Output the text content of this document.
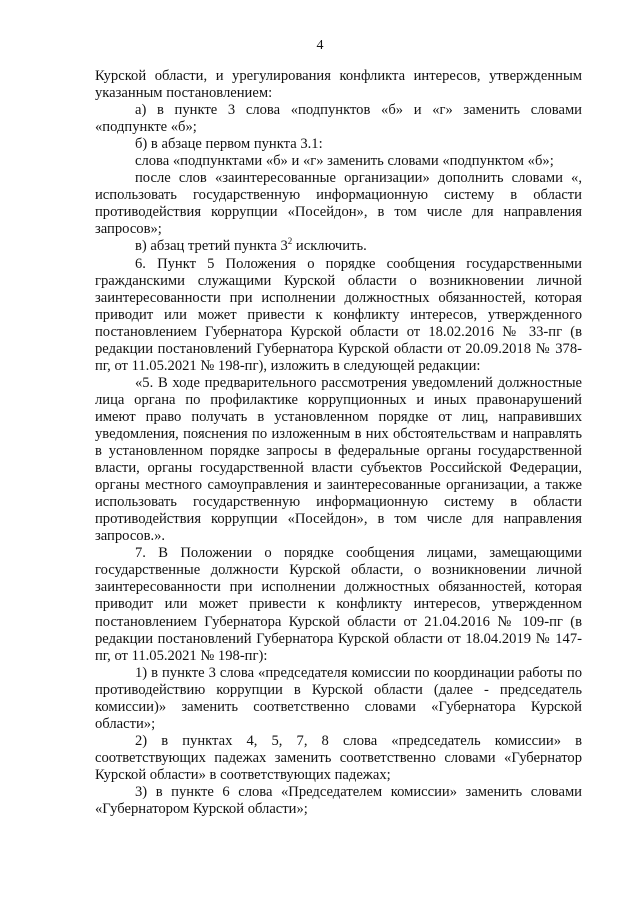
4

Курской области, и урегулирования конфликта интересов, утвержденным указанным постановлением:

а) в пункте 3 слова «подпунктов «б» и «г» заменить словами «подпункте «б»;

б) в абзаце первом пункта 3.1:

слова «подпунктами «б» и «г» заменить словами «подпунктом «б»;

после слов «заинтересованные организации» дополнить словами «, использовать государственную информационную систему в области противодействия коррупции «Посейдон», в том числе для направления запросов»;

в) абзац третий пункта $3^2$ исключить.

6. Пункт 5 Положения о порядке сообщения государственными гражданскими служащими Курской области о возникновении личной заинтересованности при исполнении должностных обязанностей, которая приводит или может привести к конфликту интересов, утвержденного постановлением Губернатора Курской области от 18.02.2016 № 33-пг (в редакции постановлений Губернатора Курской области от 20.09.2018 № 378-пг, от 11.05.2021 № 198-пг), изложить в следующей редакции:

«5. В ходе предварительного рассмотрения уведомлений должностные лица органа по профилактике коррупционных и иных правонарушений имеют право получать в установленном порядке от лиц, направивших уведомления, пояснения по изложенным в них обстоятельствам и направлять в установленном порядке запросы в федеральные органы государственной власти, органы государственной власти субъектов Российской Федерации, органы местного самоуправления и заинтересованные организации, а также использовать государственную информационную систему в области противодействия коррупции «Посейдон», в том числе для направления запросов.».

7. В Положении о порядке сообщения лицами, замещающими государственные должности Курской области, о возникновении личной заинтересованности при исполнении должностных обязанностей, которая приводит или может привести к конфликту интересов, утвержденном постановлением Губернатора Курской области от 21.04.2016 № 109-пг (в редакции постановлений Губернатора Курской области от 18.04.2019 № 147-пг, от 11.05.2021 № 198-пг):

1) в пункте 3 слова «председателя комиссии по координации работы по противодействию коррупции в Курской области (далее - председатель комиссии)» заменить соответственно словами «Губернатора Курской области»;

2) в пунктах 4, 5, 7, 8 слова «председатель комиссии» в соответствующих падежах заменить соответственно словами «Губернатор Курской области» в соответствующих падежах;

3) в пункте 6 слова «Председателем комиссии» заменить словами «Губернатором Курской области»;
